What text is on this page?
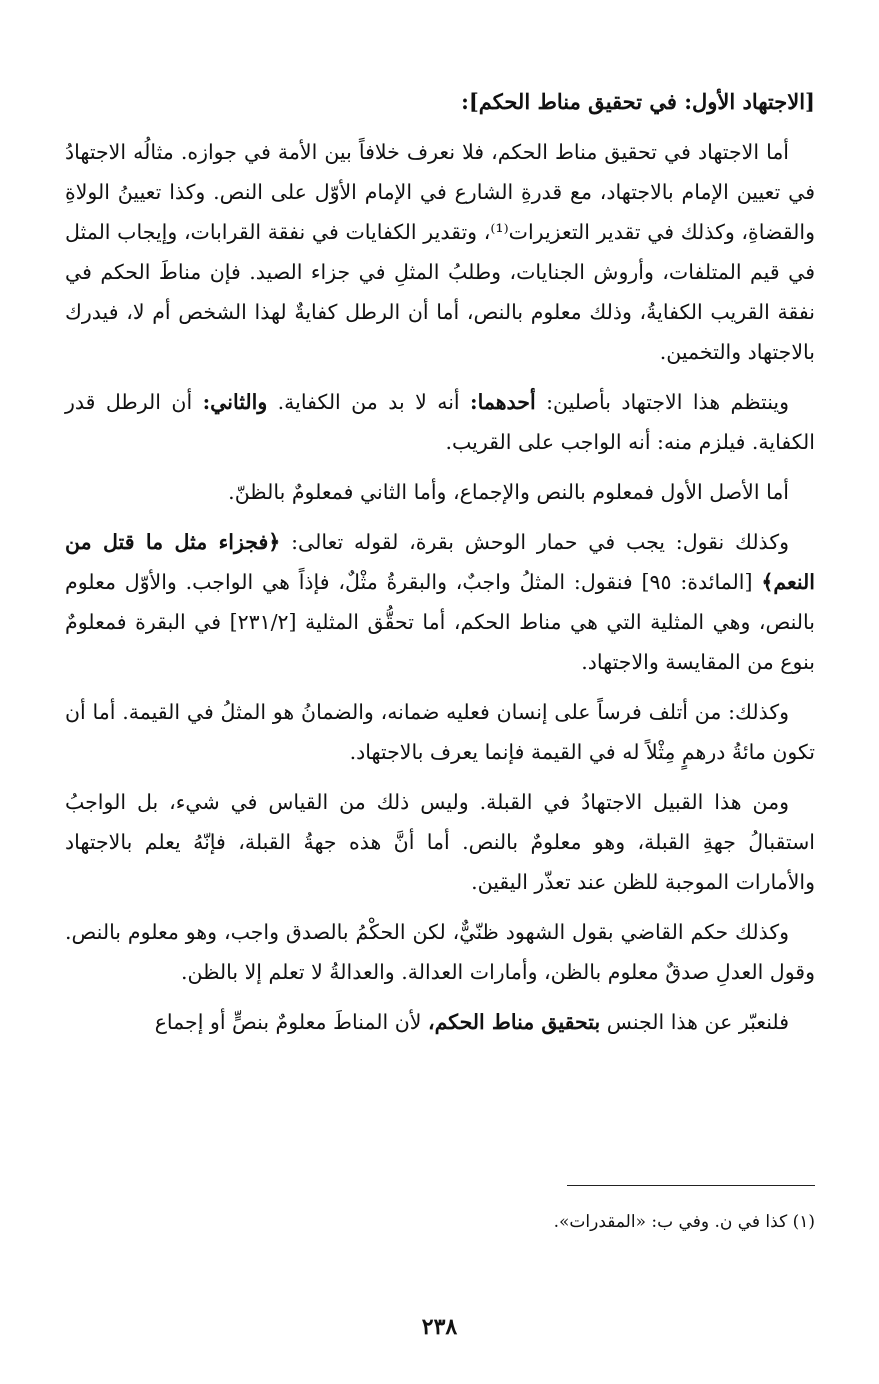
[الاجتهاد الأول: في تحقيق مناط الحكم]:

أما الاجتهاد في تحقيق مناط الحكم، فلا نعرف خلافاً بين الأمة في جوازه. مثالُه الاجتهادُ في تعيين الإمام بالاجتهاد، مع قدرةِ الشارع في الإمام الأوّل على النص. وكذا تعيينُ الولاةِ والقضاةِ، وكذلك في تقدير التعزيرات⁽¹⁾، وتقدير الكفايات في نفقة القرابات، وإيجاب المثل في قيم المتلفات، وأروش الجنايات، وطلبُ المثلِ في جزاء الصيد. فإن مناطَ الحكم في نفقة القريب الكفايةُ، وذلك معلوم بالنص، أما أن الرطل كفايةٌ لهذا الشخص أم لا، فيدرك بالاجتهاد والتخمين.

وينتظم هذا الاجتهاد بأصلين: أحدهما: أنه لا بد من الكفاية. والثاني: أن الرطل قدر الكفاية. فيلزم منه: أنه الواجب على القريب.

أما الأصل الأول فمعلوم بالنص والإجماع، وأما الثاني فمعلومٌ بالظنّ.

وكذلك نقول: يجب في حمار الوحش بقرة، لقوله تعالى: ﴿فجزاء مثل ما قتل من النعم﴾ [المائدة: ٩٥] فنقول: المثلُ واجبٌ، والبقرةُ مثْلٌ، فإذاً هي الواجب. والأوّل معلوم بالنص، وهي المثلية التي هي مناط الحكم، أما تحقُّق المثلية [٢٣١/٢] في البقرة فمعلومٌ بنوع من المقايسة والاجتهاد.

وكذلك: من أتلف فرساً على إنسان فعليه ضمانه، والضمانُ هو المثلُ في القيمة. أما أن تكون مائةُ درهمٍ مِثْلاً له في القيمة فإنما يعرف بالاجتهاد.

ومن هذا القبيل الاجتهادُ في القبلة. وليس ذلك من القياس في شيء، بل الواجبُ استقبالُ جهةِ القبلة، وهو معلومٌ بالنص. أما أنَّ هذه جهةُ القبلة، فإنّهُ يعلم بالاجتهاد والأمارات الموجبة للظن عند تعذّر اليقين.

وكذلك حكم القاضي بقول الشهود ظنّيٌّ، لكن الحكْمُ بالصدق واجب، وهو معلوم بالنص. وقول العدلِ صدقٌ معلوم بالظن، وأمارات العدالة. والعدالةُ لا تعلم إلا بالظن.

فلنعبّر عن هذا الجنس بتحقيق مناط الحكم، لأن المناطَ معلومٌ بنصٍّ أو إجماع

(١) كذا في ن. وفي ب: «المقدرات».
٢٣٨
